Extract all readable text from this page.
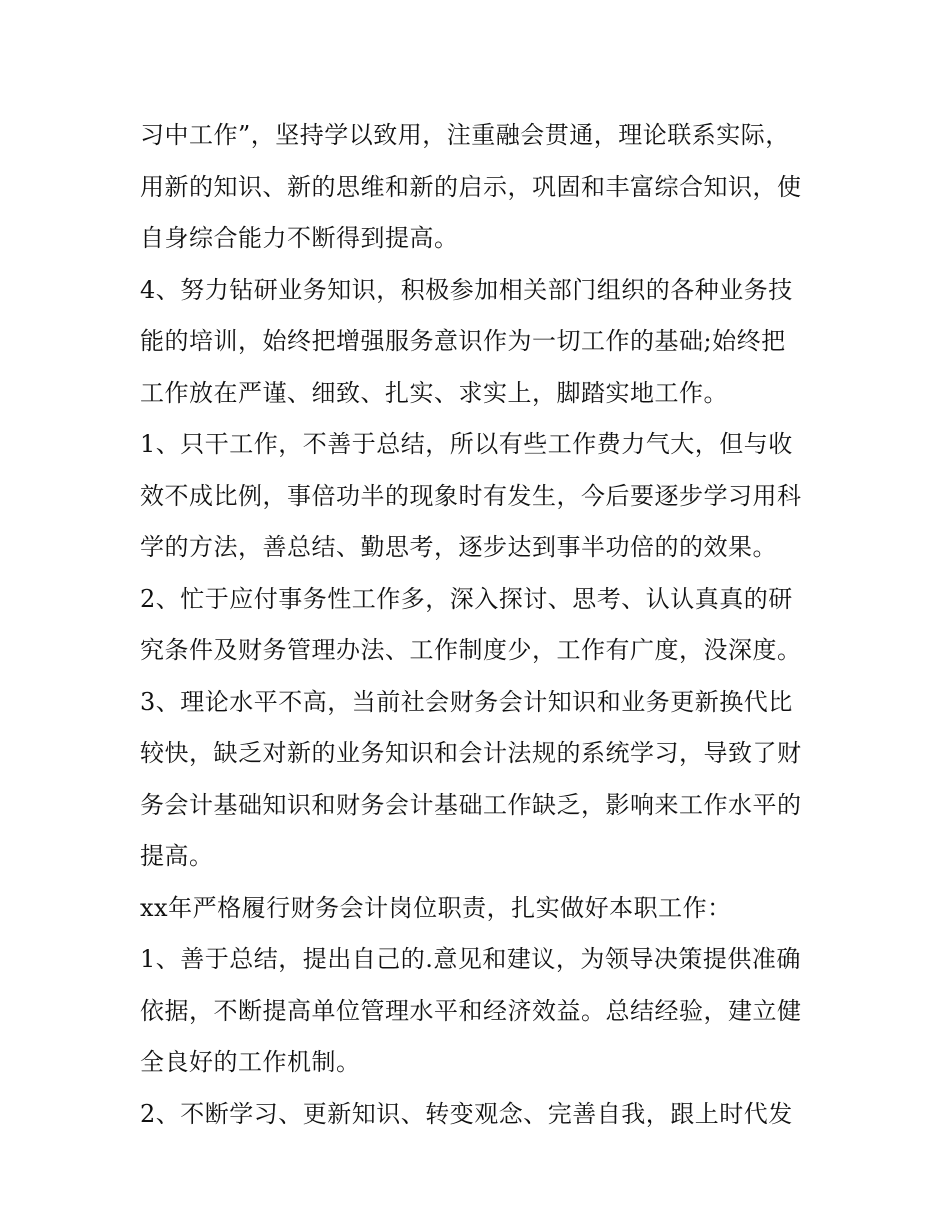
习中工作”，坚持学以致用，注重融会贯通，理论联系实际，
用新的知识、新的思维和新的启示，巩固和丰富综合知识，使
自身综合能力不断得到提高。
4、努力钻研业务知识，积极参加相关部门组织的各种业务技
能的培训，始终把增强服务意识作为一切工作的基础;始终把
工作放在严谨、细致、扎实、求实上，脚踏实地工作。
1、只干工作，不善于总结，所以有些工作费力气大，但与收
效不成比例，事倍功半的现象时有发生，今后要逐步学习用科
学的方法，善总结、勤思考，逐步达到事半功倍的的效果。
2、忙于应付事务性工作多，深入探讨、思考、认认真真的研
究条件及财务管理办法、工作制度少，工作有广度，没深度。
3、理论水平不高，当前社会财务会计知识和业务更新换代比
较快，缺乏对新的业务知识和会计法规的系统学习，导致了财
务会计基础知识和财务会计基础工作缺乏，影响来工作水平的
提高。
xx年严格履行财务会计岗位职责，扎实做好本职工作：
1、善于总结，提出自己的.意见和建议，为领导决策提供准确
依据，不断提高单位管理水平和经济效益。总结经验，建立健
全良好的工作机制。
2、不断学习、更新知识、转变观念、完善自我，跟上时代发
